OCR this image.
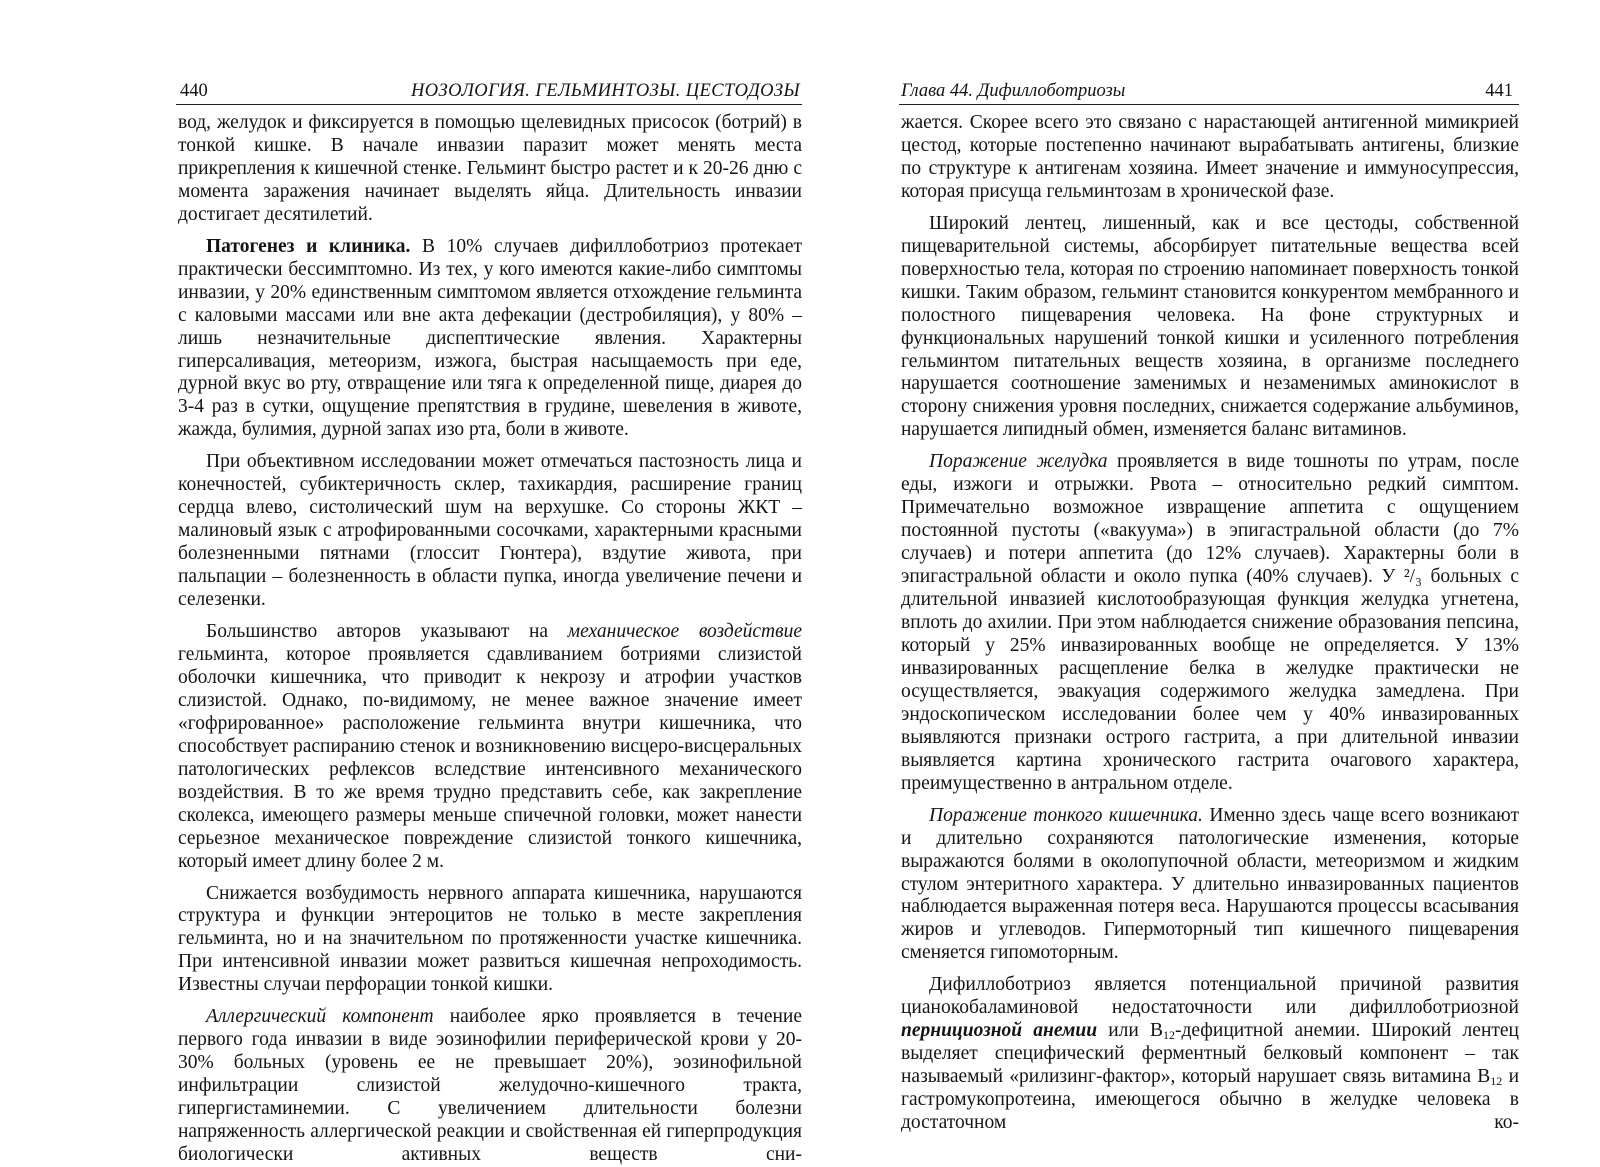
440	НОЗОЛОГИЯ. ГЕЛЬМИНТОЗЫ. ЦЕСТОДОЗЫ

вод, желудок и фиксируется в помощью щелевидных присосок (ботрий) в тонкой кишке. В начале инвазии паразит может менять места прикрепления к кишечной стенке. Гельминт быстро растет и к 20-26 дню с момента заражения начинает выделять яйца. Длительность инвазии достигает десятилетий.

Патогенез и клиника. В 10% случаев дифиллоботриоз протекает практически бессимптомно. Из тех, у кого имеются какие-либо симптомы инвазии, у 20% единственным симптомом является отхождение гельминта с каловыми массами или вне акта дефекации (дестробиляция), у 80% – лишь незначительные диспептические явления. Характерны гиперсаливация, метеоризм, изжога, быстрая насыщаемость при еде, дурной вкус во рту, отвращение или тяга к определенной пище, диарея до 3-4 раз в сутки, ощущение препятствия в грудине, шевеления в животе, жажда, булимия, дурной запах изо рта, боли в животе.

При объективном исследовании может отмечаться пастозность лица и конечностей, субиктеричность склер, тахикардия, расширение границ сердца влево, систолический шум на верхушке. Со стороны ЖКТ – малиновый язык с атрофированными сосочками, характерными красными болезненными пятнами (глоссит Гюнтера), вздутие живота, при пальпации – болезненность в области пупка, иногда увеличение печени и селезенки.

Большинство авторов указывают на механическое воздействие гельминта, которое проявляется сдавливанием ботриями слизистой оболочки кишечника, что приводит к некрозу и атрофии участков слизистой. Однако, по-видимому, не менее важное значение имеет «гофрированное» расположение гельминта внутри кишечника, что способствует распиранию стенок и возникновению висцеро-висцеральных патологических рефлексов вследствие интенсивного механического воздействия. В то же время трудно представить себе, как закрепление сколекса, имеющего размеры меньше спичечной головки, может нанести серьезное механическое повреждение слизистой тонкого кишечника, который имеет длину более 2 м.

Снижается возбудимость нервного аппарата кишечника, нарушаются структура и функции энтероцитов не только в месте закрепления гельминта, но и на значительном по протяженности участке кишечника. При интенсивной инвазии может развиться кишечная непроходимость. Известны случаи перфорации тонкой кишки.

Аллергический компонент наиболее ярко проявляется в течение первого года инвазии в виде эозинофилии периферической крови у 20-30% больных (уровень ее не превышает 20%), эозинофильной инфильтрации слизистой желудочно-кишечного тракта, гипергистаминемии. С увеличением длительности болезни напряженность аллергической реакции и свойственная ей гиперпродукция биологически активных веществ сни-

Глава 44. Дифиллоботриозы	441

жается. Скорее всего это связано с нарастающей антигенной мимикрией цестод, которые постепенно начинают вырабатывать антигены, близкие по структуре к антигенам хозяина. Имеет значение и иммуносупрессия, которая присуща гельминтозам в хронической фазе.

Широкий лентец, лишенный, как и все цестоды, собственной пищеварительной системы, абсорбирует питательные вещества всей поверхностью тела, которая по строению напоминает поверхность тонкой кишки. Таким образом, гельминт становится конкурентом мембранного и полостного пищеварения человека. На фоне структурных и функциональных нарушений тонкой кишки и усиленного потребления гельминтом питательных веществ хозяина, в организме последнего нарушается соотношение заменимых и незаменимых аминокислот в сторону снижения уровня последних, снижается содержание альбуминов, нарушается липидный обмен, изменяется баланс витаминов.

Поражение желудка проявляется в виде тошноты по утрам, после еды, изжоги и отрыжки. Рвота – относительно редкий симптом. Примечательно возможное извращение аппетита с ощущением постоянной пустоты («вакуума») в эпигастральной области (до 7% случаев) и потери аппетита (до 12% случаев). Характерны боли в эпигастральной области и около пупка (40% случаев). У ²/₃ больных с длительной инвазией кислотообразующая функция желудка угнетена, вплоть до ахилии. При этом наблюдается снижение образования пепсина, который у 25% инвазированных вообще не определяется. У 13% инвазированных расщепление белка в желудке практически не осуществляется, эвакуация содержимого желудка замедлена. При эндоскопическом исследовании более чем у 40% инвазированных выявляются признаки острого гастрита, а при длительной инвазии выявляется картина хронического гастрита очагового характера, преимущественно в антральном отделе.

Поражение тонкого кишечника. Именно здесь чаще всего возникают и длительно сохраняются патологические изменения, которые выражаются болями в околопупочной области, метеоризмом и жидким стулом энтеритного характера. У длительно инвазированных пациентов наблюдается выраженная потеря веса. Нарушаются процессы всасывания жиров и углеводов. Гипермоторный тип кишечного пищеварения сменяется гипомоторным.

Дифиллоботриоз является потенциальной причиной развития цианокобаламиновой недостаточности или дифиллоботриозной пернициозной анемии или $B_{12}$-дефицитной анемии. Широкий лентец выделяет специфический ферментный белковый компонент – так называемый «рилизинг-фактор», который нарушает связь витамина $B_{12}$ и гастромукопротеина, имеющегося обычно в желудке человека в достаточном ко-
